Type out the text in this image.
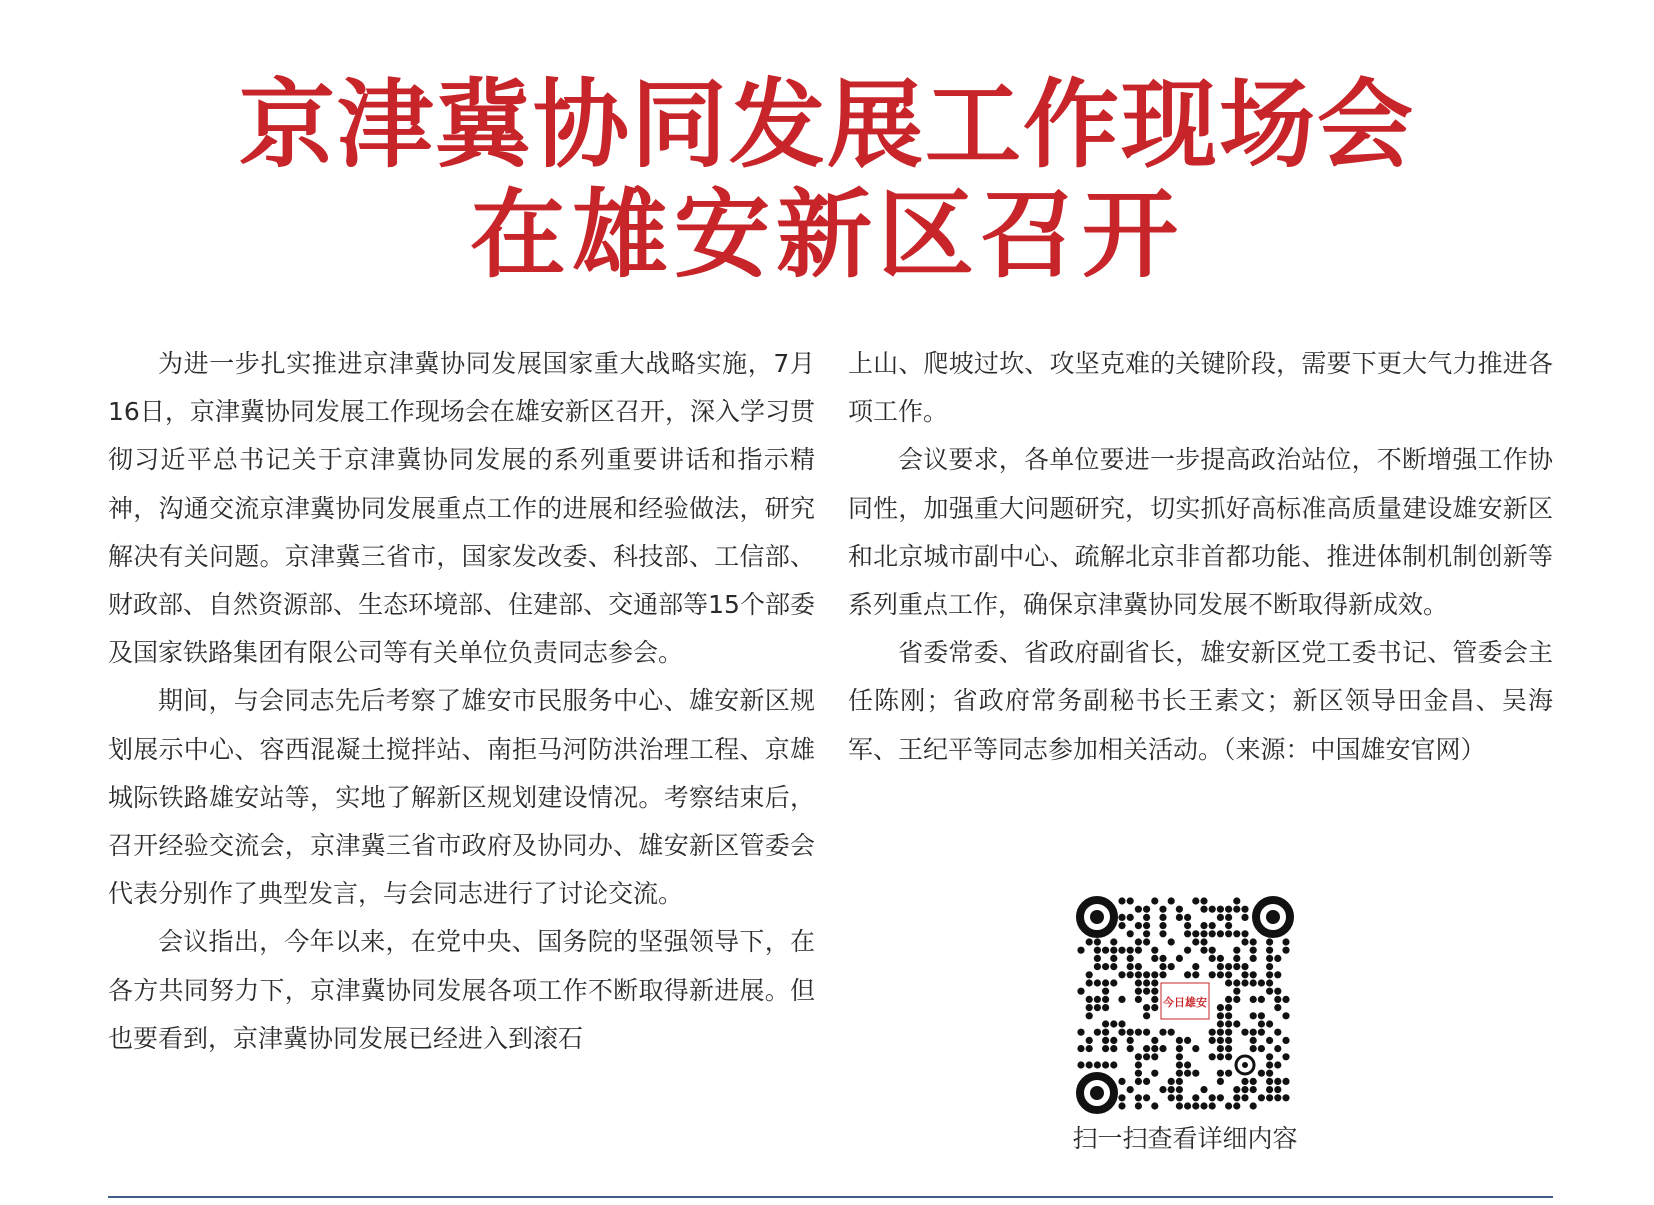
京津冀协同发展工作现场会
在雄安新区召开

为进一步扎实推进京津冀协同发展国家重大战略实施，7月16日，京津冀协同发展工作现场会在雄安新区召开，深入学习贯彻习近平总书记关于京津冀协同发展的系列重要讲话和指示精神，沟通交流京津冀协同发展重点工作的进展和经验做法，研究解决有关问题。京津冀三省市，国家发改委、科技部、工信部、财政部、自然资源部、生态环境部、住建部、交通部等15个部委及国家铁路集团有限公司等有关单位负责同志参会。

期间，与会同志先后考察了雄安市民服务中心、雄安新区规划展示中心、容西混凝土搅拌站、南拒马河防洪治理工程、京雄城际铁路雄安站等，实地了解新区规划建设情况。考察结束后，召开经验交流会，京津冀三省市政府及协同办、雄安新区管委会代表分别作了典型发言，与会同志进行了讨论交流。

会议指出，今年以来，在党中央、国务院的坚强领导下，在各方共同努力下，京津冀协同发展各项工作不断取得新进展。但也要看到，京津冀协同发展已经进入到滚石

上山、爬坡过坎、攻坚克难的关键阶段，需要下更大气力推进各项工作。

会议要求，各单位要进一步提高政治站位，不断增强工作协同性，加强重大问题研究，切实抓好高标准高质量建设雄安新区和北京城市副中心、疏解北京非首都功能、推进体制机制创新等系列重点工作，确保京津冀协同发展不断取得新成效。

省委常委、省政府副省长，雄安新区党工委书记、管委会主任陈刚；省政府常务副秘书长王素文；新区领导田金昌、吴海军、王纪平等同志参加相关活动。（来源：中国雄安官网）

今日雄安
扫一扫查看详细内容
